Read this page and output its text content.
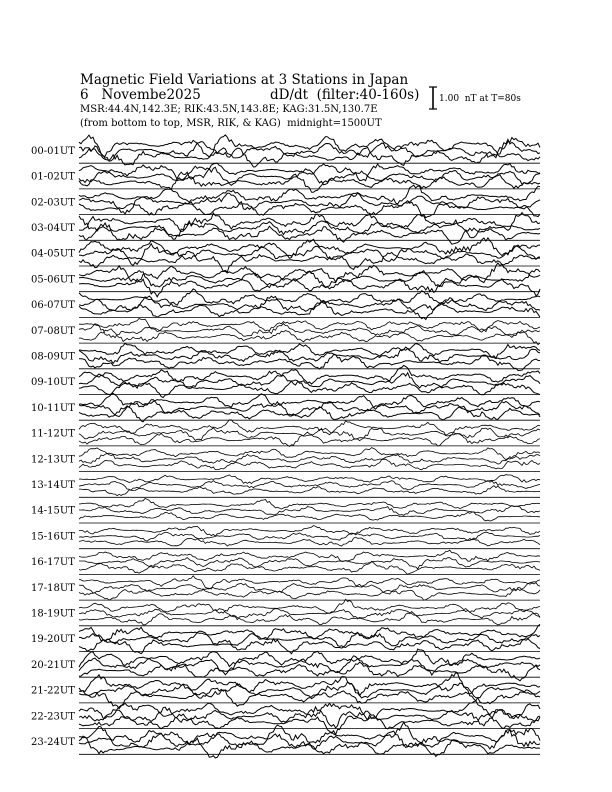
Magnetic Field Variations at 3 Stations in Japan
6   Novembe2025	dD/dt  (filter:40-160s)
MSR:44.4N,142.3E; RIK:43.5N,143.8E; KAG:31.5N,130.7E
(from bottom to top, MSR, RIK, & KAG)  midnight=1500UT
1.00  nT at T=80s
00-01UT
01-02UT
02-03UT
03-04UT
04-05UT
05-06UT
06-07UT
07-08UT
08-09UT
09-10UT
10-11UT
11-12UT
12-13UT
13-14UT
14-15UT
15-16UT
16-17UT
17-18UT
18-19UT
19-20UT
20-21UT
21-22UT
22-23UT
23-24UT
